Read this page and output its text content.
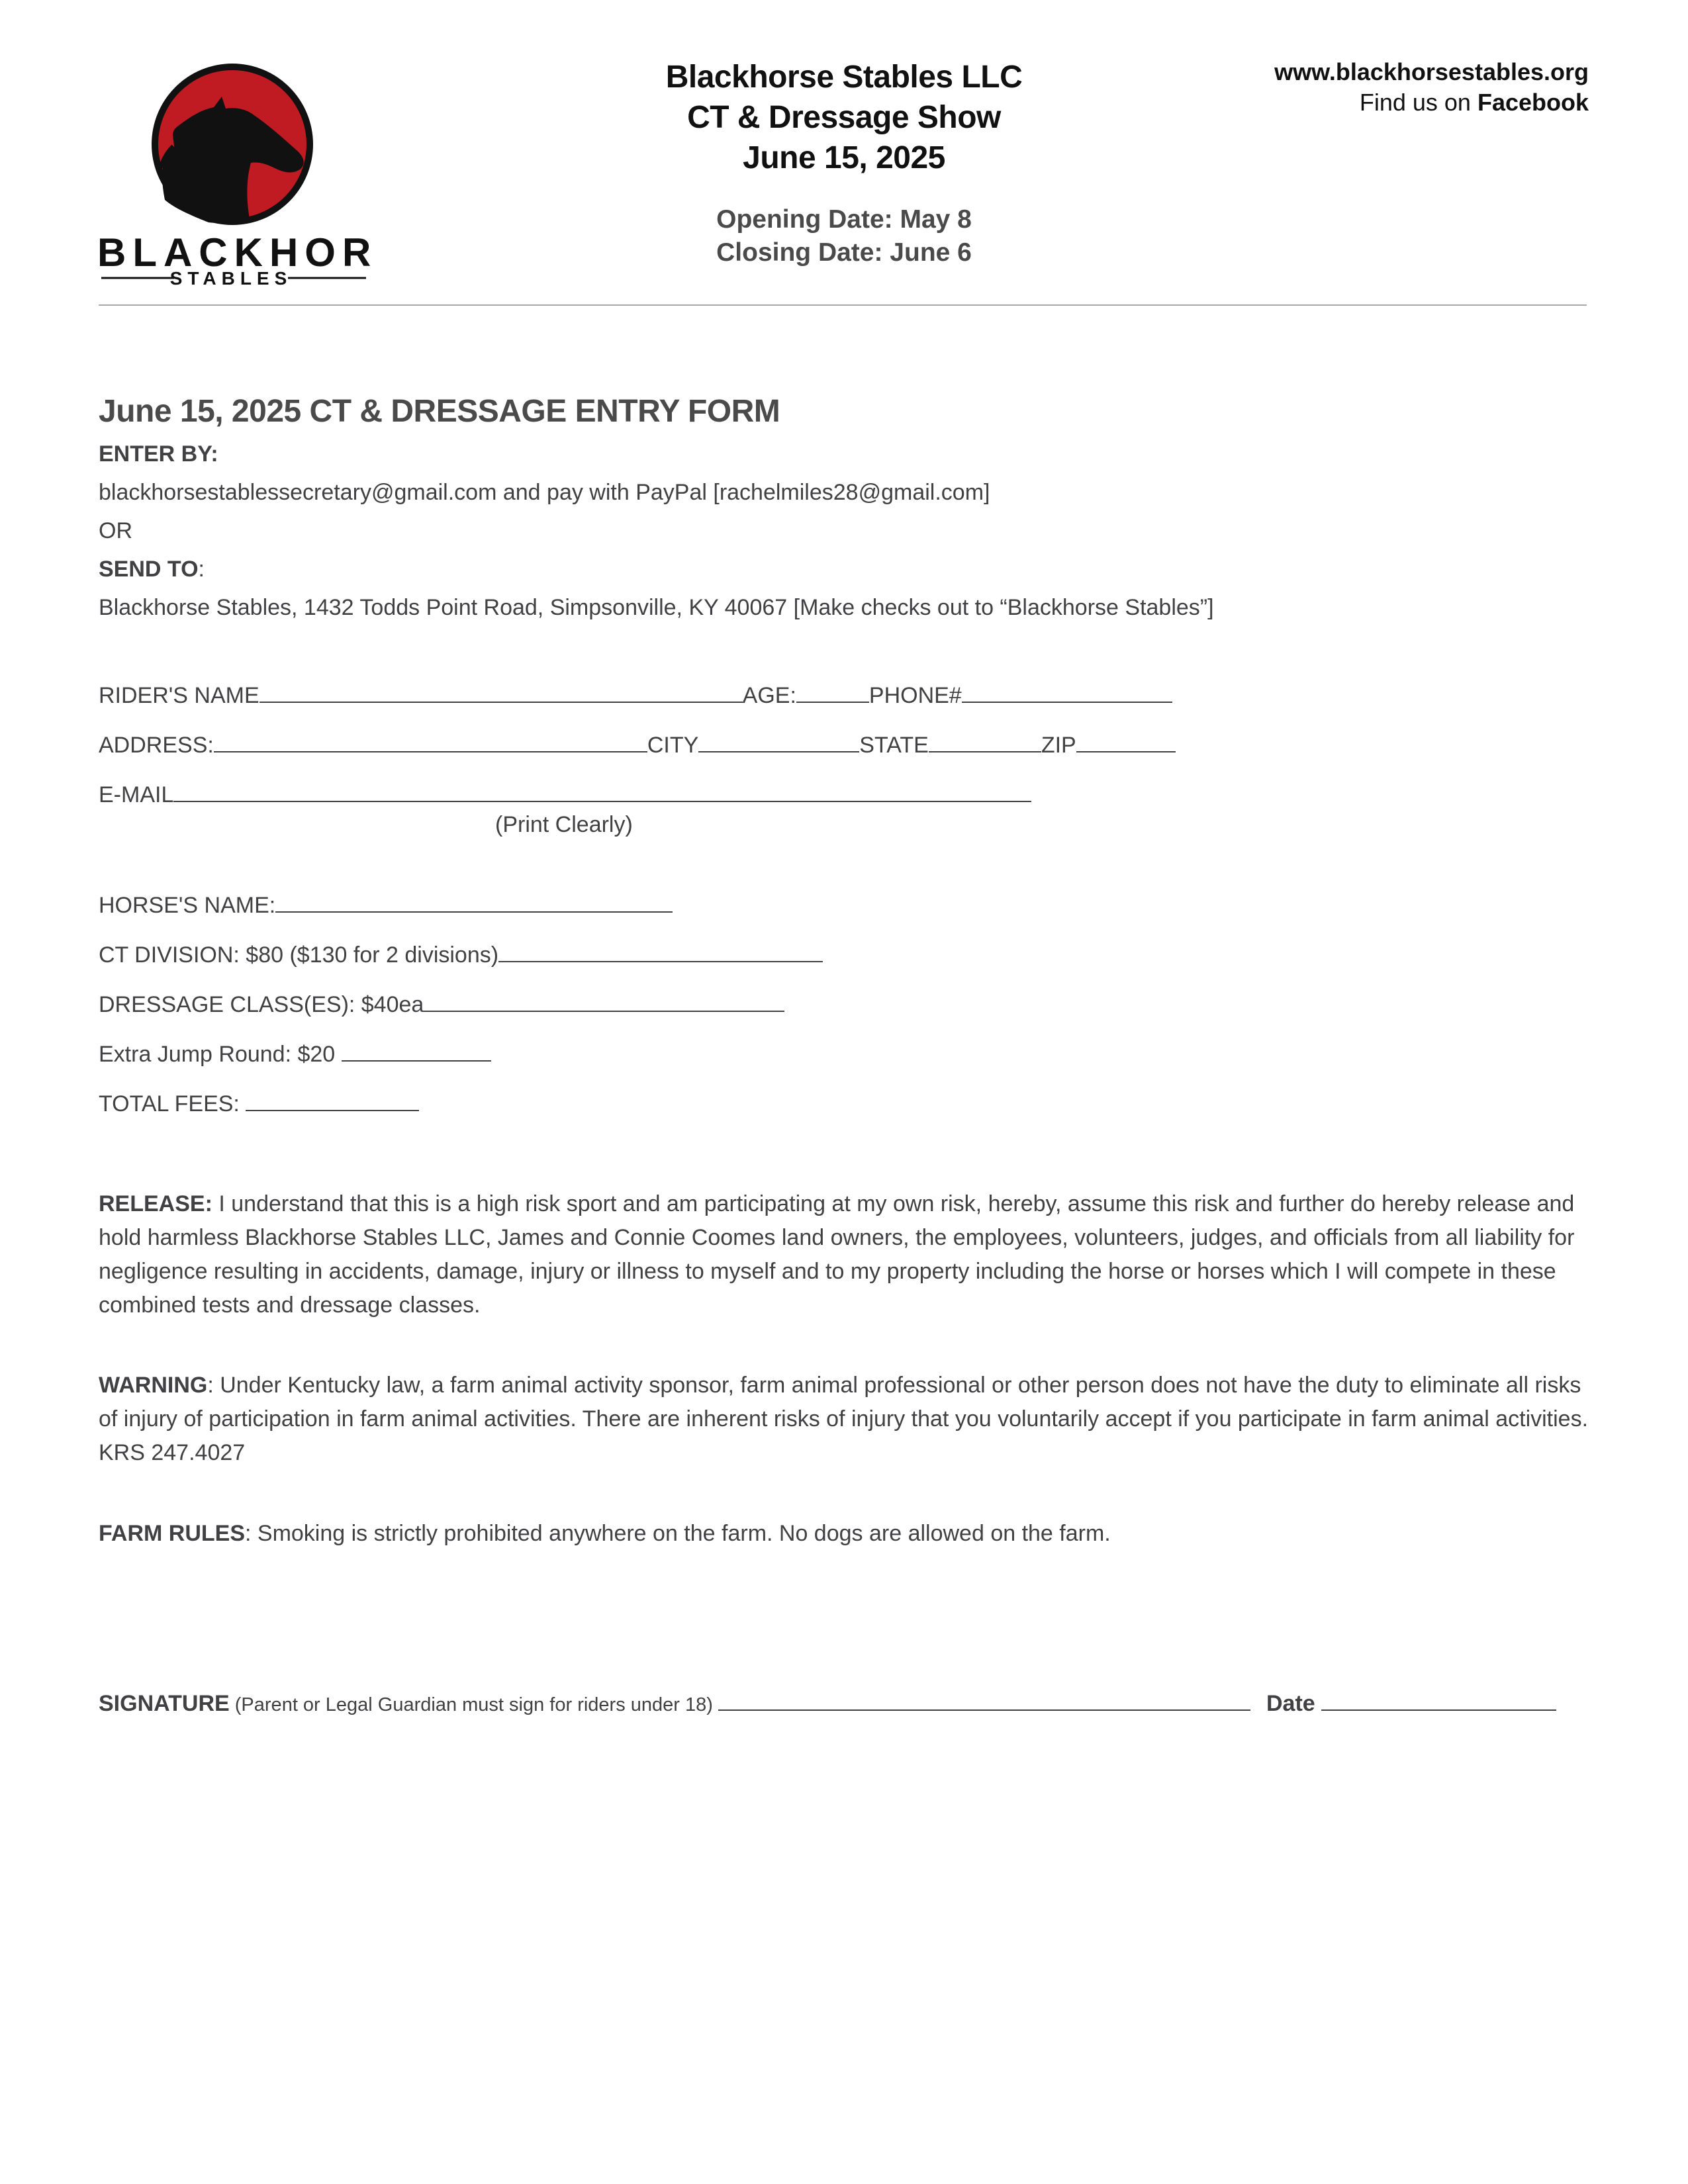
BLACKHOR
STABLES
Blackhorse Stables LLC
CT & Dressage Show
June 15, 2025
Opening Date: May 8
Closing Date: June 6
www.blackhorsestables.org
Find us on Facebook
June 15, 2025 CT & DRESSAGE ENTRY FORM
ENTER BY:
blackhorsestablessecretary@gmail.com and pay with PayPal [rachelmiles28@gmail.com]
OR
SEND TO:
Blackhorse Stables, 1432 Todds Point Road, Simpsonville, KY 40067 [Make checks out to “Blackhorse Stables”]
RIDER'S NAME	AGE:	PHONE#
ADDRESS:	CITY	STATE	ZIP
E-MAIL
(Print Clearly)
HORSE'S NAME:
CT DIVISION: $80 ($130 for 2 divisions)
DRESSAGE CLASS(ES): $40ea
Extra Jump Round: $20
TOTAL FEES:
RELEASE: I understand that this is a high risk sport and am participating at my own risk, hereby, assume this risk and further do hereby release and hold harmless Blackhorse Stables LLC, James and Connie Coomes land owners, the employees, volunteers, judges, and officials from all liability for negligence resulting in accidents, damage, injury or illness to myself and to my property including the horse or horses which I will compete in these combined tests and dressage classes.
WARNING: Under Kentucky law, a farm animal activity sponsor, farm animal professional or other person does not have the duty to eliminate all risks of injury of participation in farm animal activities. There are inherent risks of injury that you voluntarily accept if you participate in farm animal activities. KRS 247.4027
FARM RULES: Smoking is strictly prohibited anywhere on the farm. No dogs are allowed on the farm.
SIGNATURE (Parent or Legal Guardian must sign for riders under 18)	Date
